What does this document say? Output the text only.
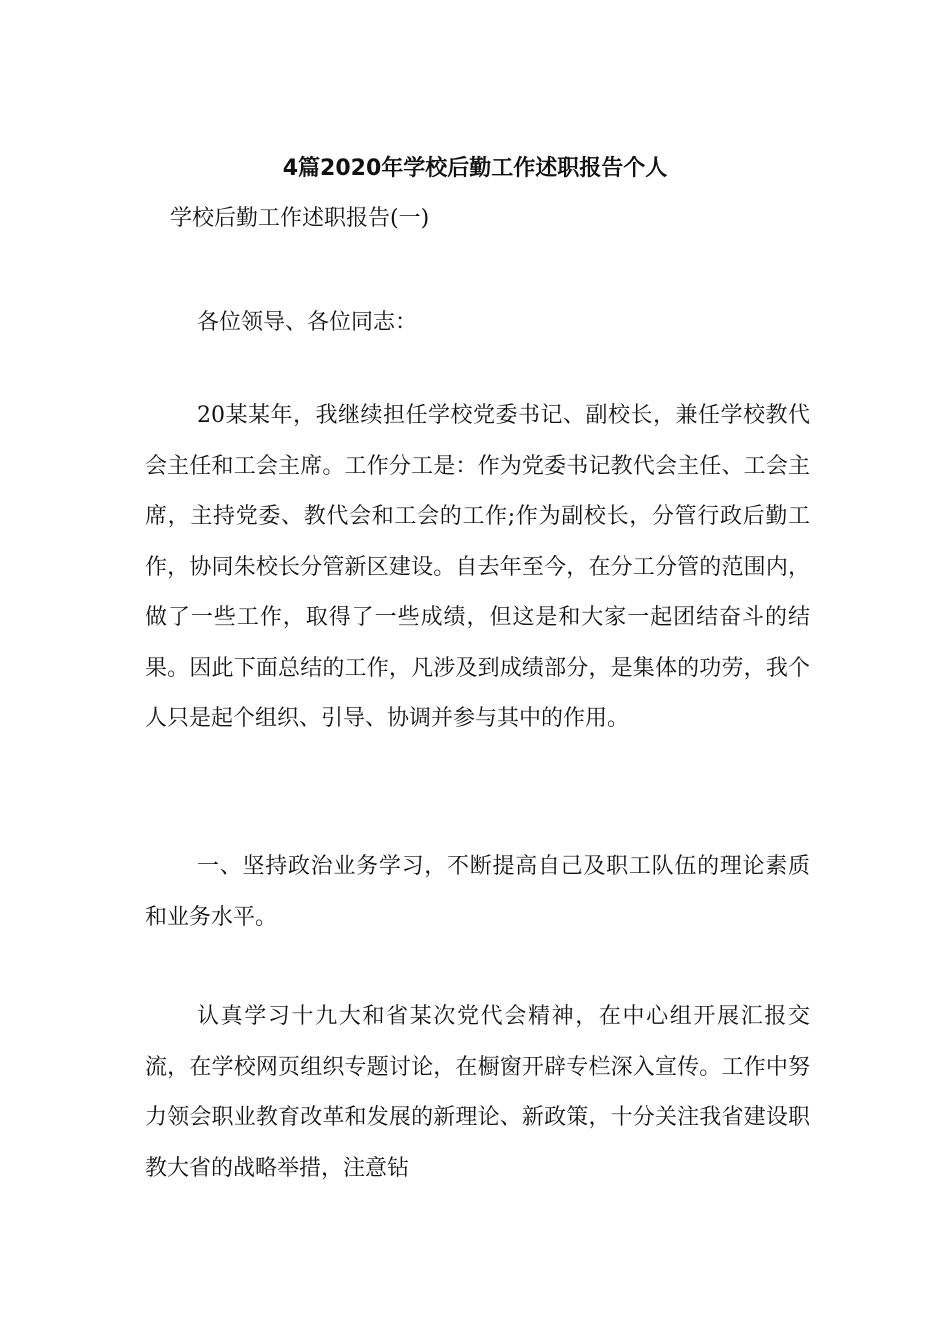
4篇2020年学校后勤工作述职报告个人
学校后勤工作述职报告(一)

各位领导、各位同志：

20某某年，我继续担任学校党委书记、副校长，兼任学校教代会主任和工会主席。工作分工是：作为党委书记教代会主任、工会主席，主持党委、教代会和工会的工作;作为副校长，分管行政后勤工作，协同朱校长分管新区建设。自去年至今，在分工分管的范围内，做了一些工作，取得了一些成绩，但这是和大家一起团结奋斗的结果。因此下面总结的工作，凡涉及到成绩部分，是集体的功劳，我个人只是起个组织、引导、协调并参与其中的作用。

一、坚持政治业务学习，不断提高自己及职工队伍的理论素质和业务水平。

认真学习十九大和省某次党代会精神，在中心组开展汇报交流，在学校网页组织专题讨论，在橱窗开辟专栏深入宣传。工作中努力领会职业教育改革和发展的新理论、新政策，十分关注我省建设职教大省的战略举措，注意钻
